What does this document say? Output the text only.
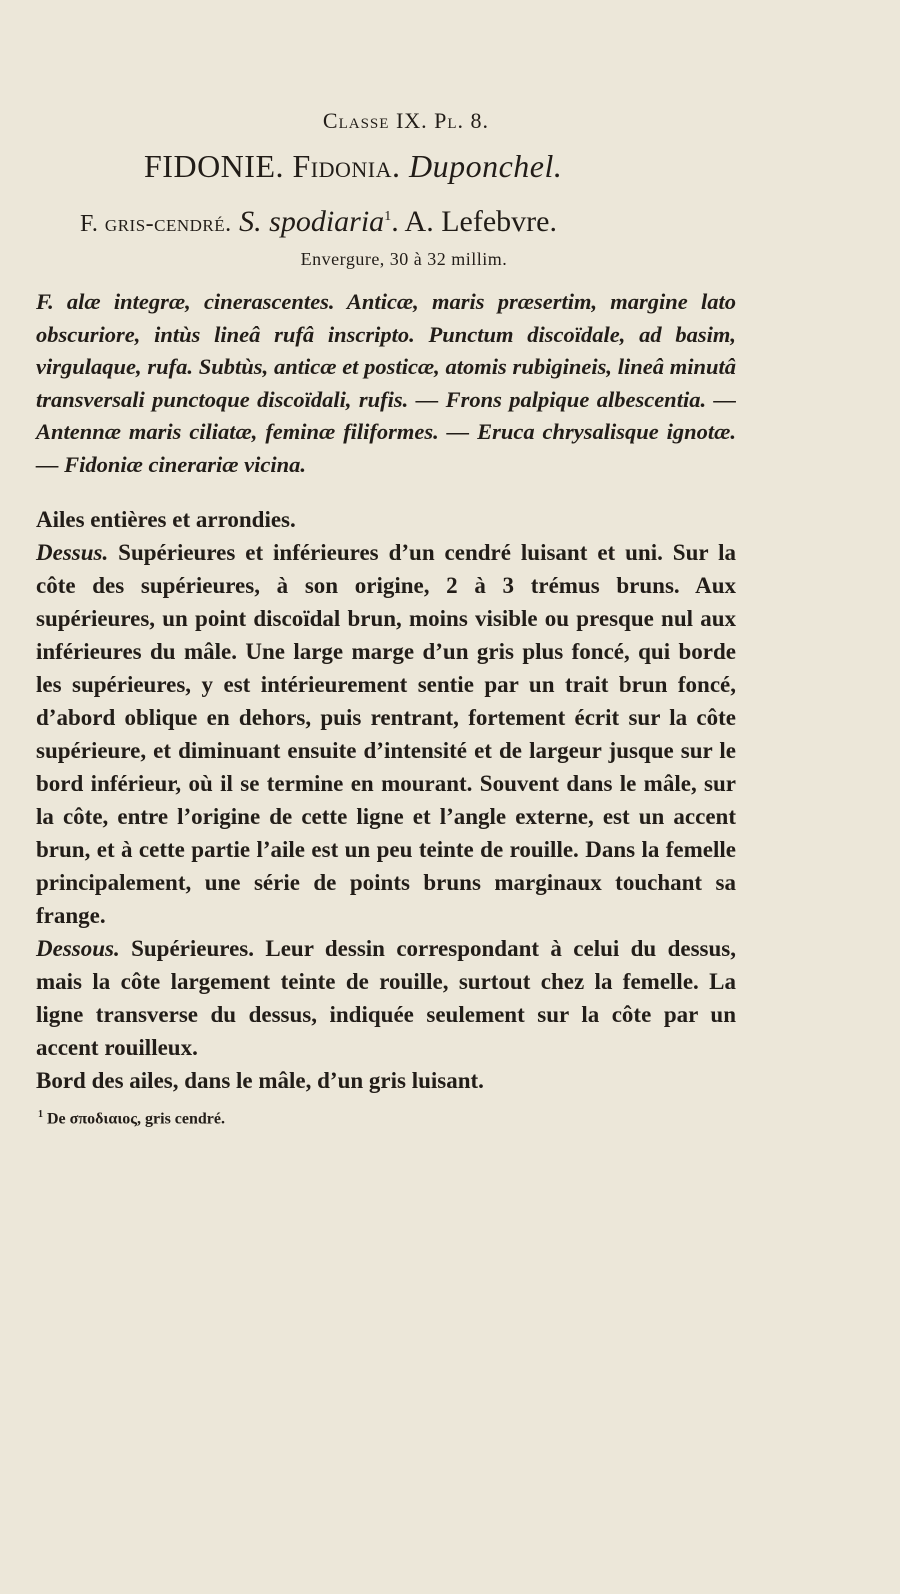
Classe IX. Pl. 8.
FIDONIE. Fidonia. Duponchel.
F. gris-cendré. S. spodiaria$^1$. A. Lefebvre.
Envergure, 30 à 32 millim.
F. alæ integræ, cinerascentes. Anticæ, maris præsertim, margine lato obscuriore, intùs lineâ rufâ inscripto. Punctum discoïdale, ad basim, virgulaque, rufa. Subtùs, anticæ et posticæ, atomis rubigineis, lineâ minutâ transversali punctoque discoïdali, rufis. — Frons palpique albescentia. — Antennæ maris ciliatæ, feminæ filiformes. — Eruca chrysalisque ignotæ. — Fidoniæ cinerariæ vicina.

Ailes entières et arrondies.

Dessus. Supérieures et inférieures d’un cendré luisant et uni. Sur la côte des supérieures, à son origine, 2 à 3 trémus bruns. Aux supérieures, un point discoïdal brun, moins visible ou presque nul aux inférieures du mâle. Une large marge d’un gris plus foncé, qui borde les supérieures, y est intérieurement sentie par un trait brun foncé, d’abord oblique en dehors, puis rentrant, fortement écrit sur la côte supérieure, et diminuant ensuite d’intensité et de largeur jusque sur le bord inférieur, où il se termine en mourant. Souvent dans le mâle, sur la côte, entre l’origine de cette ligne et l’angle externe, est un accent brun, et à cette partie l’aile est un peu teinte de rouille. Dans la femelle principalement, une série de points bruns marginaux touchant sa frange.

Dessous. Supérieures. Leur dessin correspondant à celui du dessus, mais la côte largement teinte de rouille, surtout chez la femelle. La ligne transverse du dessus, indiquée seulement sur la côte par un accent rouilleux.

Bord des ailes, dans le mâle, d’un gris luisant.

$^1$ De σποδιαιος, gris cendré.
